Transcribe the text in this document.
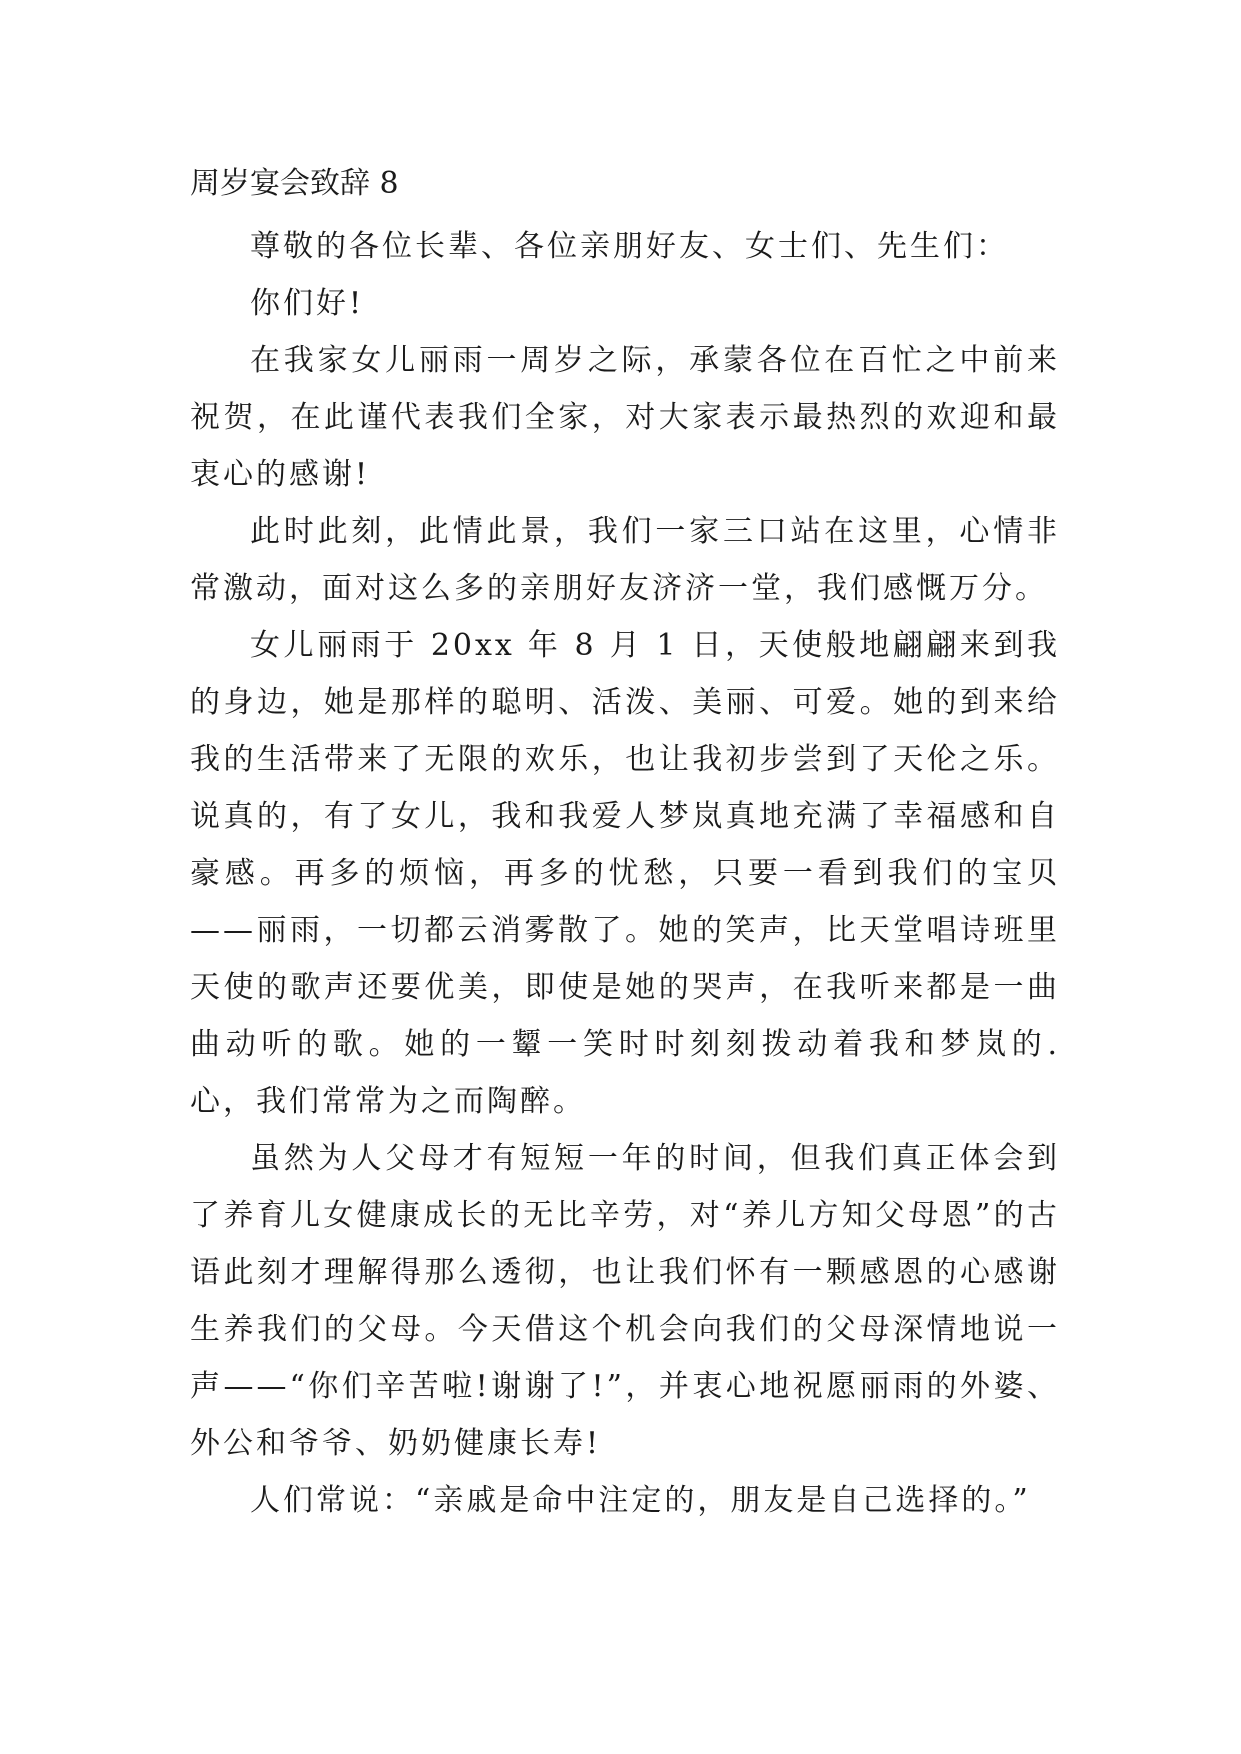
周岁宴会致辞 8

尊敬的各位长辈、各位亲朋好友、女士们、先生们：

你们好!

在我家女儿丽雨一周岁之际，承蒙各位在百忙之中前来祝贺，在此谨代表我们全家，对大家表示最热烈的欢迎和最衷心的感谢!

此时此刻，此情此景，我们一家三口站在这里，心情非常激动，面对这么多的亲朋好友济济一堂，我们感慨万分。

女儿丽雨于 20xx 年 8 月 1 日，天使般地翩翩来到我的身边，她是那样的聪明、活泼、美丽、可爱。她的到来给我的生活带来了无限的欢乐，也让我初步尝到了天伦之乐。说真的，有了女儿，我和我爱人梦岚真地充满了幸福感和自豪感。再多的烦恼，再多的忧愁，只要一看到我们的宝贝——丽雨，一切都云消雾散了。她的笑声，比天堂唱诗班里天使的歌声还要优美，即使是她的哭声，在我听来都是一曲曲动听的歌。她的一颦一笑时时刻刻拨动着我和梦岚的.心，我们常常为之而陶醉。

虽然为人父母才有短短一年的时间，但我们真正体会到了养育儿女健康成长的无比辛劳，对“养儿方知父母恩”的古语此刻才理解得那么透彻，也让我们怀有一颗感恩的心感谢生养我们的父母。今天借这个机会向我们的父母深情地说一声——“你们辛苦啦!谢谢了!”，并衷心地祝愿丽雨的外婆、外公和爷爷、奶奶健康长寿!

人们常说：“亲戚是命中注定的，朋友是自己选择的。”
